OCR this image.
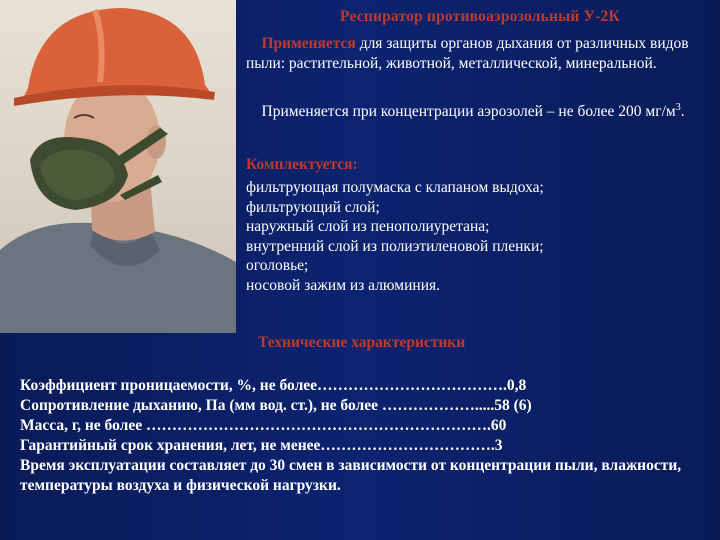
Респиратор противоаэрозольный У-2К
Применяется для защиты органов дыхания от различных видов пыли: растительной, животной, металлической, минеральной.
Применяется при концентрации аэрозолей – не более 200 $мг/м^3$.
Комплектуется:
фильтрующая полумаска с клапаном выдоха;
фильтрующий слой;
наружный слой из пенополиуретана;
внутренний слой из полиэтиленовой пленки;
оголовье;
носовой зажим из алюминия.
Технические характеристики
Коэффициент проницаемости, %, не более……………………………….0,8
Сопротивление дыханию, Па (мм вод. ст.), не более ……………….....58 (6)
Масса, г, не более ………………………………………………………….60
Гарантийный срок хранения, лет, не менее…………………………….3
Время эксплуатации составляет до 30 смен в зависимости от концентрации пыли, влажности, температуры воздуха и физической нагрузки.
